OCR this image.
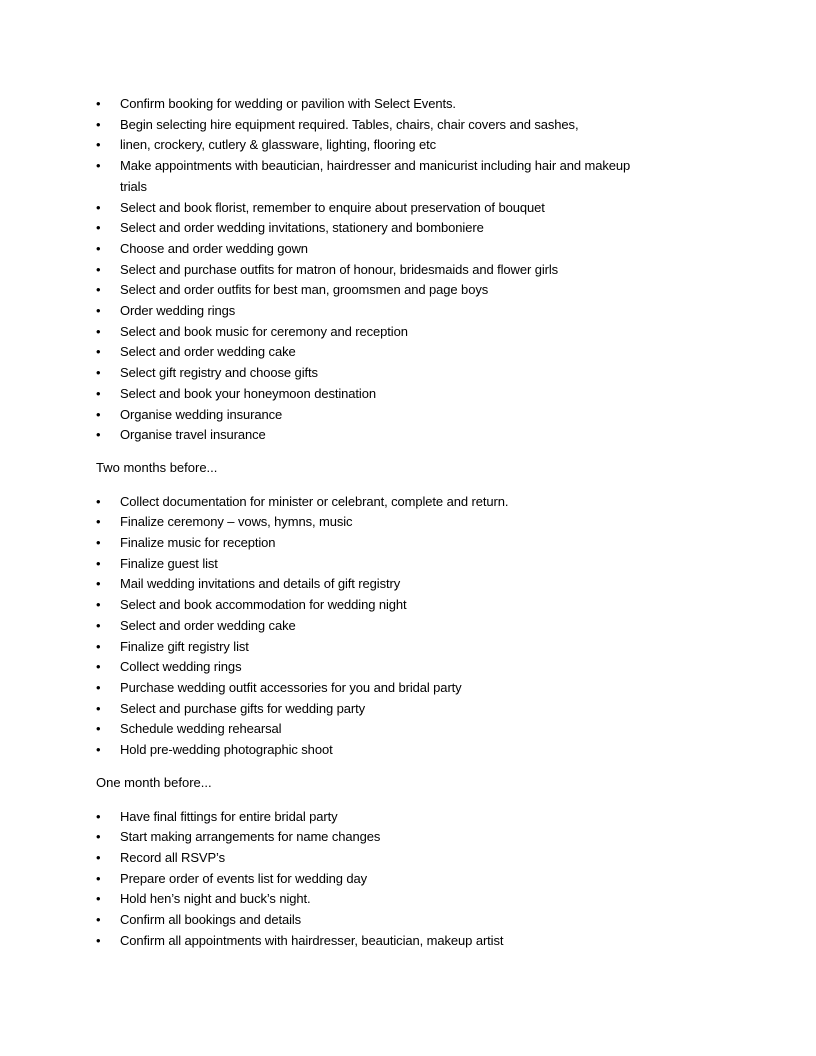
•	Confirm booking for wedding or pavilion with Select Events.
•	Begin selecting hire equipment required. Tables, chairs, chair covers and sashes,
•	linen, crockery, cutlery & glassware, lighting, flooring etc
•	Make appointments with beautician, hairdresser and manicurist including hair and makeup trials
•	Select and book florist, remember to enquire about preservation of bouquet
•	Select and order wedding invitations, stationery and bomboniere
•	Choose and order wedding gown
•	Select and purchase outfits for matron of honour, bridesmaids and flower girls
•	Select and order outfits for best man, groomsmen and page boys
•	Order wedding rings
•	Select and book music for ceremony and reception
•	Select and order wedding cake
•	Select gift registry and choose gifts
•	Select and book your honeymoon destination
•	Organise wedding insurance
•	Organise travel insurance
Two months before...
•	Collect documentation for minister or celebrant, complete and return.
•	Finalize ceremony – vows, hymns, music
•	Finalize music for reception
•	Finalize guest list
•	Mail wedding invitations and details of gift registry
•	Select and book accommodation for wedding night
•	Select and order wedding cake
•	Finalize gift registry list
•	Collect wedding rings
•	Purchase wedding outfit accessories for you and bridal party
•	Select and purchase gifts for wedding party
•	Schedule wedding rehearsal
•	Hold pre-wedding photographic shoot
One month before...
•	Have final fittings for entire bridal party
•	Start making arrangements for name changes
•	Record all RSVP’s
•	Prepare order of events list for wedding day
•	Hold hen’s night and buck’s night.
•	Confirm all bookings and details
•	Confirm all appointments with hairdresser, beautician, makeup artist
